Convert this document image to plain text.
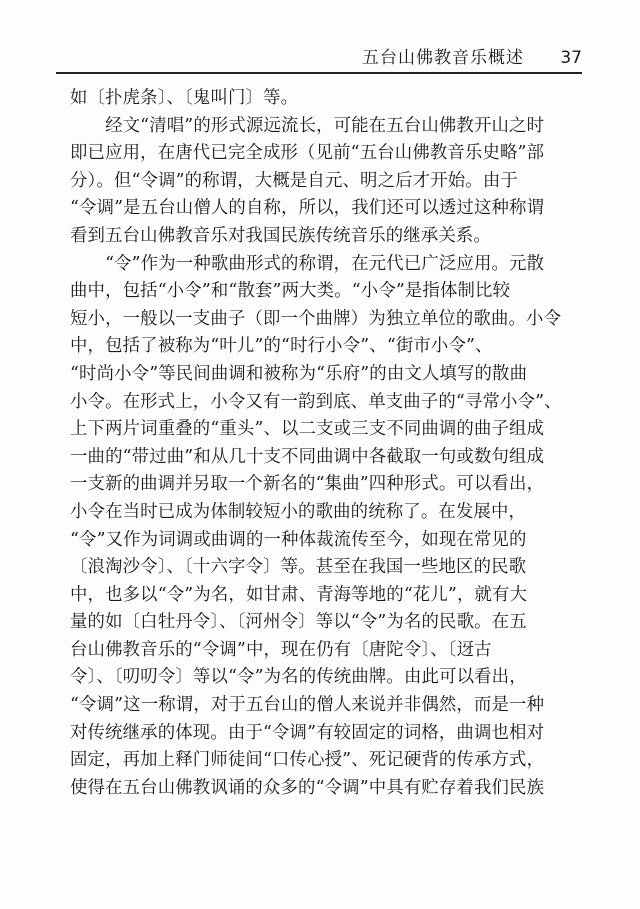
五台山佛教音乐概述 37
如〔扑虎条〕、〔鬼叫门〕等。
　　经文“清唱”的形式源远流长，可能在五台山佛教开山之时
即已应用，在唐代已完全成形（见前“五台山佛教音乐史略”部
分）。但“令调”的称谓，大概是自元、明之后才开始。由于
“令调”是五台山僧人的自称，所以，我们还可以透过这种称谓
看到五台山佛教音乐对我国民族传统音乐的继承关系。
　　“令”作为一种歌曲形式的称谓，在元代已广泛应用。元散
曲中，包括“小令”和“散套”两大类。“小令”是指体制比较
短小，一般以一支曲子（即一个曲牌）为独立单位的歌曲。小令
中，包括了被称为“叶儿”的“时行小令”、“街市小令”、
“时尚小令”等民间曲调和被称为“乐府”的由文人填写的散曲
小令。在形式上，小令又有一韵到底、单支曲子的“寻常小令”、
上下两片词重叠的“重头”、以二支或三支不同曲调的曲子组成
一曲的“带过曲”和从几十支不同曲调中各截取一句或数句组成
一支新的曲调并另取一个新名的“集曲”四种形式。可以看出，
小令在当时已成为体制较短小的歌曲的统称了。在发展中，
“令”又作为词调或曲调的一种体裁流传至今，如现在常见的
〔浪淘沙令〕、〔十六字令〕等。甚至在我国一些地区的民歌
中，也多以“令”为名，如甘肃、青海等地的“花儿”，就有大
量的如〔白牡丹令〕、〔河州令〕等以“令”为名的民歌。在五
台山佛教音乐的“令调”中，现在仍有〔唐陀令〕、〔迓古
令〕、〔叨叨令〕等以“令”为名的传统曲牌。由此可以看出，
“令调”这一称谓，对于五台山的僧人来说并非偶然，而是一种
对传统继承的体现。由于“令调”有较固定的词格，曲调也相对
固定，再加上释门师徒间“口传心授”、死记硬背的传承方式，
使得在五台山佛教讽诵的众多的“令调”中具有贮存着我们民族
